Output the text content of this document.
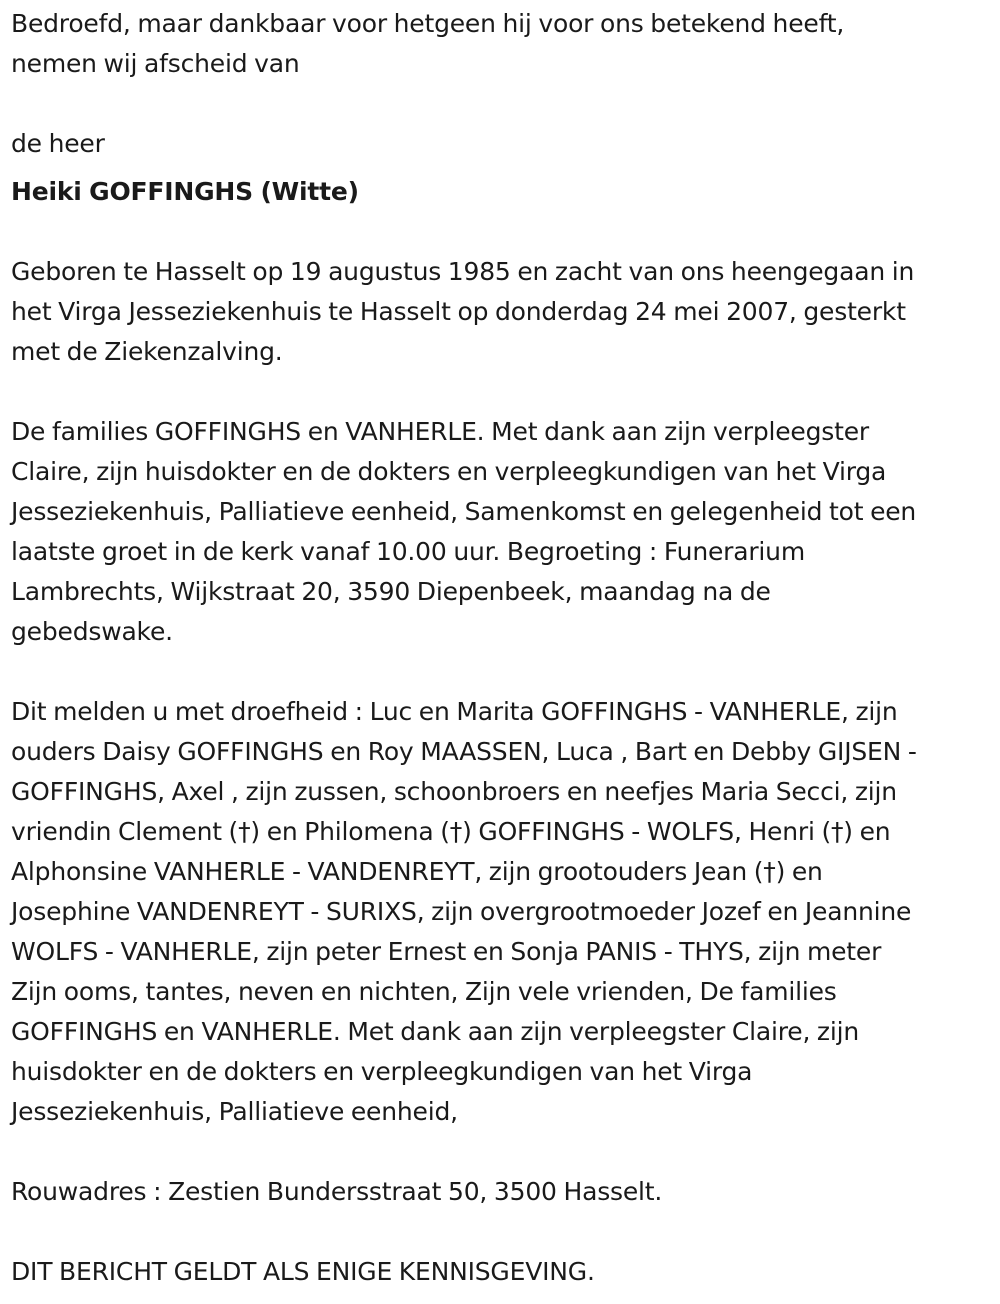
Bedroefd, maar dankbaar voor hetgeen hij voor ons betekend heeft,
nemen wij afscheid van
de heer
Heiki GOFFINGHS (Witte)
Geboren te Hasselt op 19 augustus 1985 en zacht van ons heengegaan in
het Virga Jesseziekenhuis te Hasselt op donderdag 24 mei 2007, gesterkt
met de Ziekenzalving.
De families GOFFINGHS en VANHERLE. Met dank aan zijn verpleegster
Claire, zijn huisdokter en de dokters en verpleegkundigen van het Virga
Jesseziekenhuis, Palliatieve eenheid, Samenkomst en gelegenheid tot een
laatste groet in de kerk vanaf 10.00 uur. Begroeting : Funerarium
Lambrechts, Wijkstraat 20, 3590 Diepenbeek, maandag na de
gebedswake.
Dit melden u met droefheid : Luc en Marita GOFFINGHS - VANHERLE, zijn
ouders Daisy GOFFINGHS en Roy MAASSEN, Luca , Bart en Debby GIJSEN -
GOFFINGHS, Axel , zijn zussen, schoonbroers en neefjes Maria Secci, zijn
vriendin Clement (†) en Philomena (†) GOFFINGHS - WOLFS, Henri (†) en
Alphonsine VANHERLE - VANDENREYT, zijn grootouders Jean (†) en
Josephine VANDENREYT - SURIXS, zijn overgrootmoeder Jozef en Jeannine
WOLFS - VANHERLE, zijn peter Ernest en Sonja PANIS - THYS, zijn meter
Zijn ooms, tantes, neven en nichten, Zijn vele vrienden, De families
GOFFINGHS en VANHERLE. Met dank aan zijn verpleegster Claire, zijn
huisdokter en de dokters en verpleegkundigen van het Virga
Jesseziekenhuis, Palliatieve eenheid,
Rouwadres : Zestien Bundersstraat 50, 3500 Hasselt.
DIT BERICHT GELDT ALS ENIGE KENNISGEVING.
